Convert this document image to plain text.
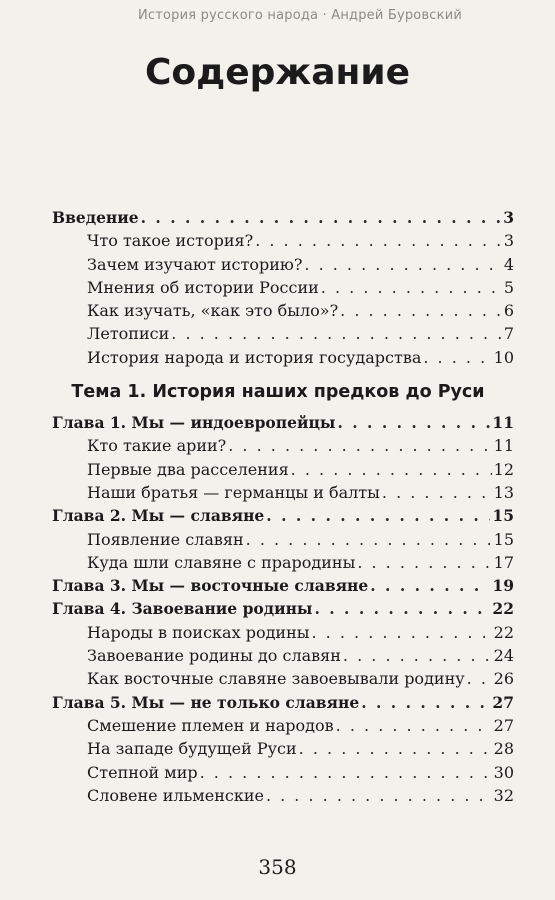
История русского народа · Андрей Буровский
Содержание
Введение . . .	3
Что такое история? . . .	3
Зачем изучают историю? . . .	4
Мнения об истории России . . .	5
Как изучать, «как это было»? . . .	6
Летописи . . .	7
История народа и история государства . . .	10
Тема 1. История наших предков до Руси
Глава 1. Мы — индоевропейцы . . .	11
Кто такие арии? . . .	11
Первые два расселения . . .	12
Наши братья — германцы и балты . . .	13
Глава 2. Мы — славяне . . .	15
Появление славян . . .	15
Куда шли славяне с прародины . . .	17
Глава 3. Мы — восточные славяне . . .	19
Глава 4. Завоевание родины . . .	22
Народы в поисках родины . . .	22
Завоевание родины до славян . . .	24
Как восточные славяне завоевывали родину . . . 26
Глава 5. Мы — не только славяне . . .	27
Смешение племен и народов . . .	27
На западе будущей Руси . . .	28
Степной мир . . .	30
Словене ильменские . . .	32
358
